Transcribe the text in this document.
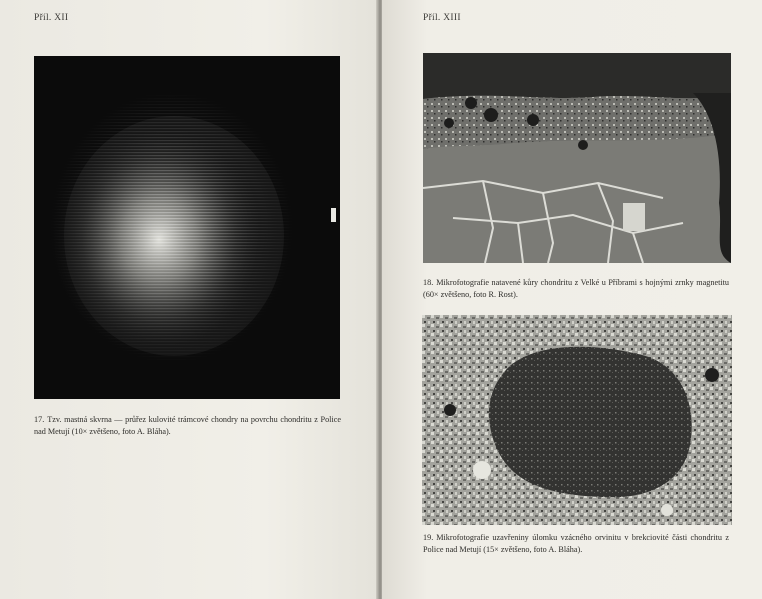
Příl. XII
17. Tzv. mastná skvrna — průřez kulovité trámcové chondry na povrchu chondritu z Police nad Metují (10× zvětšeno, foto A. Bláha).
Příl. XIII
18. Mikrofotografie natavené kůry chondritu z Velké u Příbrami s hojnými zrnky magnetitu (60× zvětšeno, foto R. Rost).
19. Mikrofotografie uzavřeniny úlomku vzácného orvinitu v brekciovité části chondritu z Police nad Metují (15× zvětšeno, foto A. Bláha).
